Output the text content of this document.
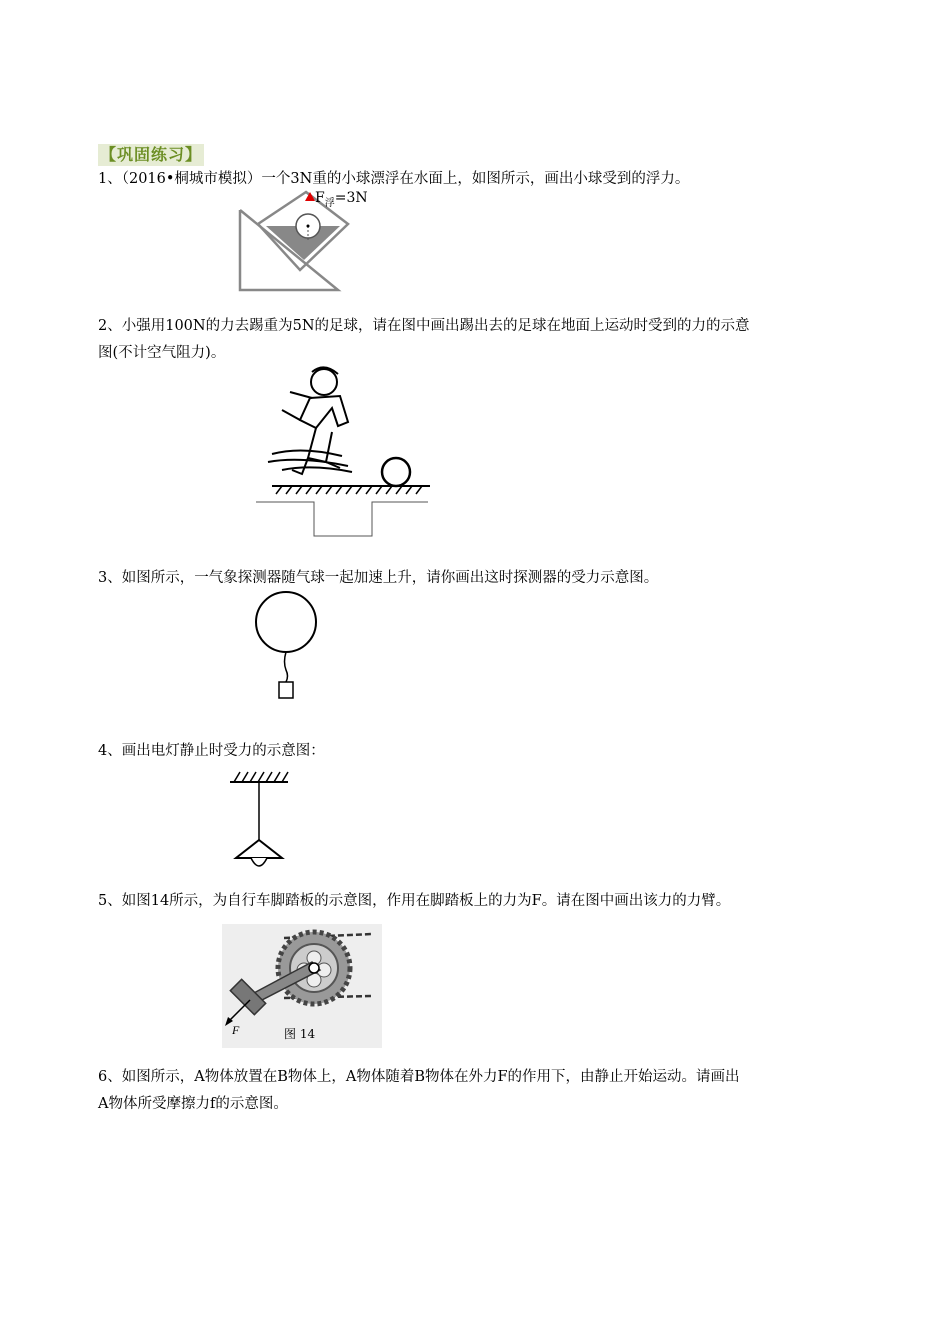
【巩固练习】
1、（2016•桐城市模拟）一个3N重的小球漂浮在水面上，如图所示，画出小球受到的浮力。
$F_浮=3N$
2、小强用100N的力去踢重为5N的足球，请在图中画出踢出去的足球在地面上运动时受到的力的示意
图(不计空气阻力)。
3、如图所示，一气象探测器随气球一起加速上升，请你画出这时探测器的受力示意图。
4、画出电灯静止时受力的示意图：
5、如图14所示，为自行车脚踏板的示意图，作用在脚踏板上的力为F。请在图中画出该力的力臂。
F	图 14
6、如图所示，A物体放置在B物体上，A物体随着B物体在外力F的作用下，由静止开始运动。请画出
A物体所受摩擦力f的示意图。
